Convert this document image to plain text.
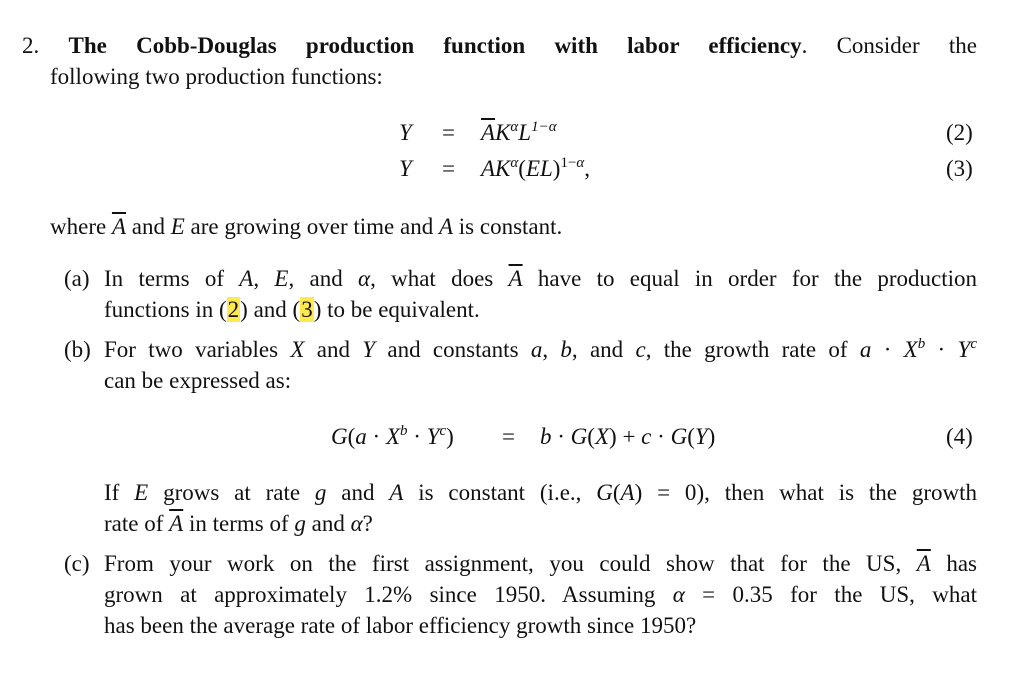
2. The Cobb-Douglas production function with labor efficiency. Consider the
following two production functions:
$Y = \overline{A}K^\alpha L^{1-\alpha}$	(2)
$Y = AK^\alpha(EL)^{1-\alpha}$,	(3)
where $\overline{A}$ and E are growing over time and A is constant.
(a) In terms of A, E, and α, what does $\overline{A}$ have to equal in order for the production
functions in (2) and (3) to be equivalent.
(b) For two variables X and Y and constants a, b, and c, the growth rate of $a \cdot X^b \cdot Y^c$
can be expressed as:
$G(a \cdot X^b \cdot Y^c) = b \cdot G(X) + c \cdot G(Y)$	(4)
If E grows at rate g and A is constant (i.e., G(A) = 0), then what is the growth
rate of $\overline{A}$ in terms of g and α?
(c) From your work on the first assignment, you could show that for the US, $\overline{A}$ has
grown at approximately 1.2% since 1950. Assuming α = 0.35 for the US, what
has been the average rate of labor efficiency growth since 1950?
